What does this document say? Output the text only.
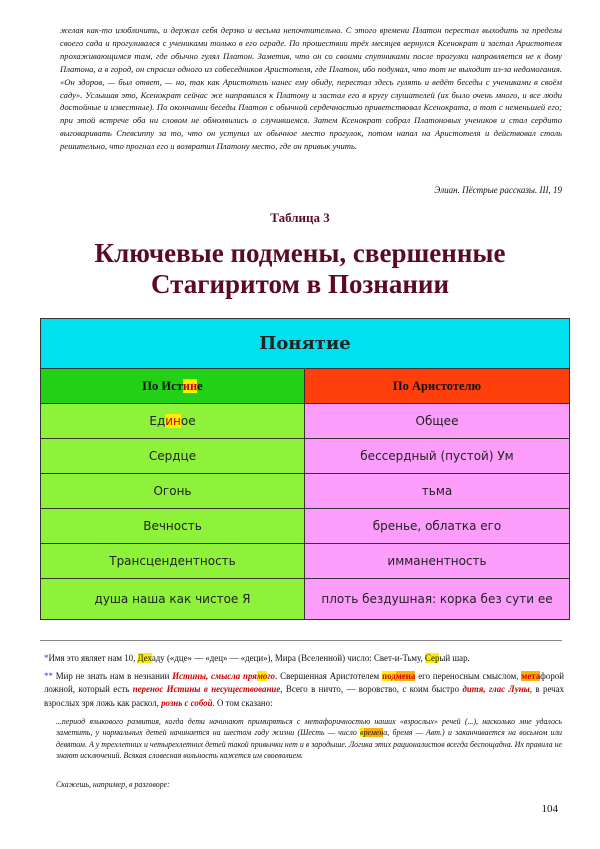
желая как-то изобличить, и держал себя дерзко и весьма непочтительно. С этого времени Платон перестал выходить за пределы своего сада и прогуливался с учениками только в его ограде. По прошествии трёх месяцев вернулся Ксенократ и застал Аристотеля прохаживающимся там, где обычно гулял Платон. Заметив, что он со своими спутниками после прогулки направляется не к дому Платона, а в город, он спросил одного из собеседников Аристотеля, где Платон, ибо подумал, что тот не выходит из-за недомогания. «Он здоров, — был ответ, — но, так как Аристотель нанес ему обиду, перестал здесь гулять и ведёт беседы с учениками в своём саду». Услышав это, Ксенократ сейчас же направился к Платону и застал его в кругу слушателей (их было очень много, и все люди достойные и известные). По окончании беседы Платон с обычной сердечностью приветствовал Ксенократа, а тот с неменьшей его; при этой встрече оба ни словом не обмолвились о случившемся. Затем Ксенократ собрал Платоновых учеников и стал сердито выговаривать Спевсиппу за то, что он уступил их обычное место прогулок, потом напал на Аристотеля и действовал столь решительно, что прогнал его и возвратил Платону место, где он привык учить.
Элиан. Пёстрые рассказы. III, 19
Таблица 3
Ключевые подмены, свершенные
Стагиритом в Познании
Понятие	
По Истине	По Аристотелю
Единое	Общее
Сердце	бессердный (пустой) Ум
Огонь	тьма
Вечность	бренье, облатка его
Трансцендентность	имманентность
душа наша как чистое Я	плоть бездушная: корка без сути ее
*Имя это являет нам 10, Дехаду («дце» — «дец» — «деци»), Мира (Вселенной) число: Свет-и-Тьму, Серый шар.
** Мир не знать нам в незнании Истины, смысла прямого. Свершенная Аристотелем подмена его переносным смыслом, метафорой ложной, который есть перенос Истины в несуществование, Всего в ничто, — воровство, с коим быстро дитя, глас Луны, в речах взрослых зря ложь как раскол, рознь с собой. О том сказано:
...период языкового развития, когда дети начинают примиряться с метафоричностью наших «взрослых» речей (...), насколько мне удалось заметить, у нормальных детей начинается на шестом году жизни (Шесть — число времена, бремя — Авт.) и заканчивается на восьмом или девятом. А у трехлетних и четырехлетних детей такой привычки нет и в зародыше. Логика этих рационалистов всегда беспощадна. Их правила не знают исключений. Всякая словесная вольность кажется им своеволием.
Скажешь, например, в разговоре:
104
